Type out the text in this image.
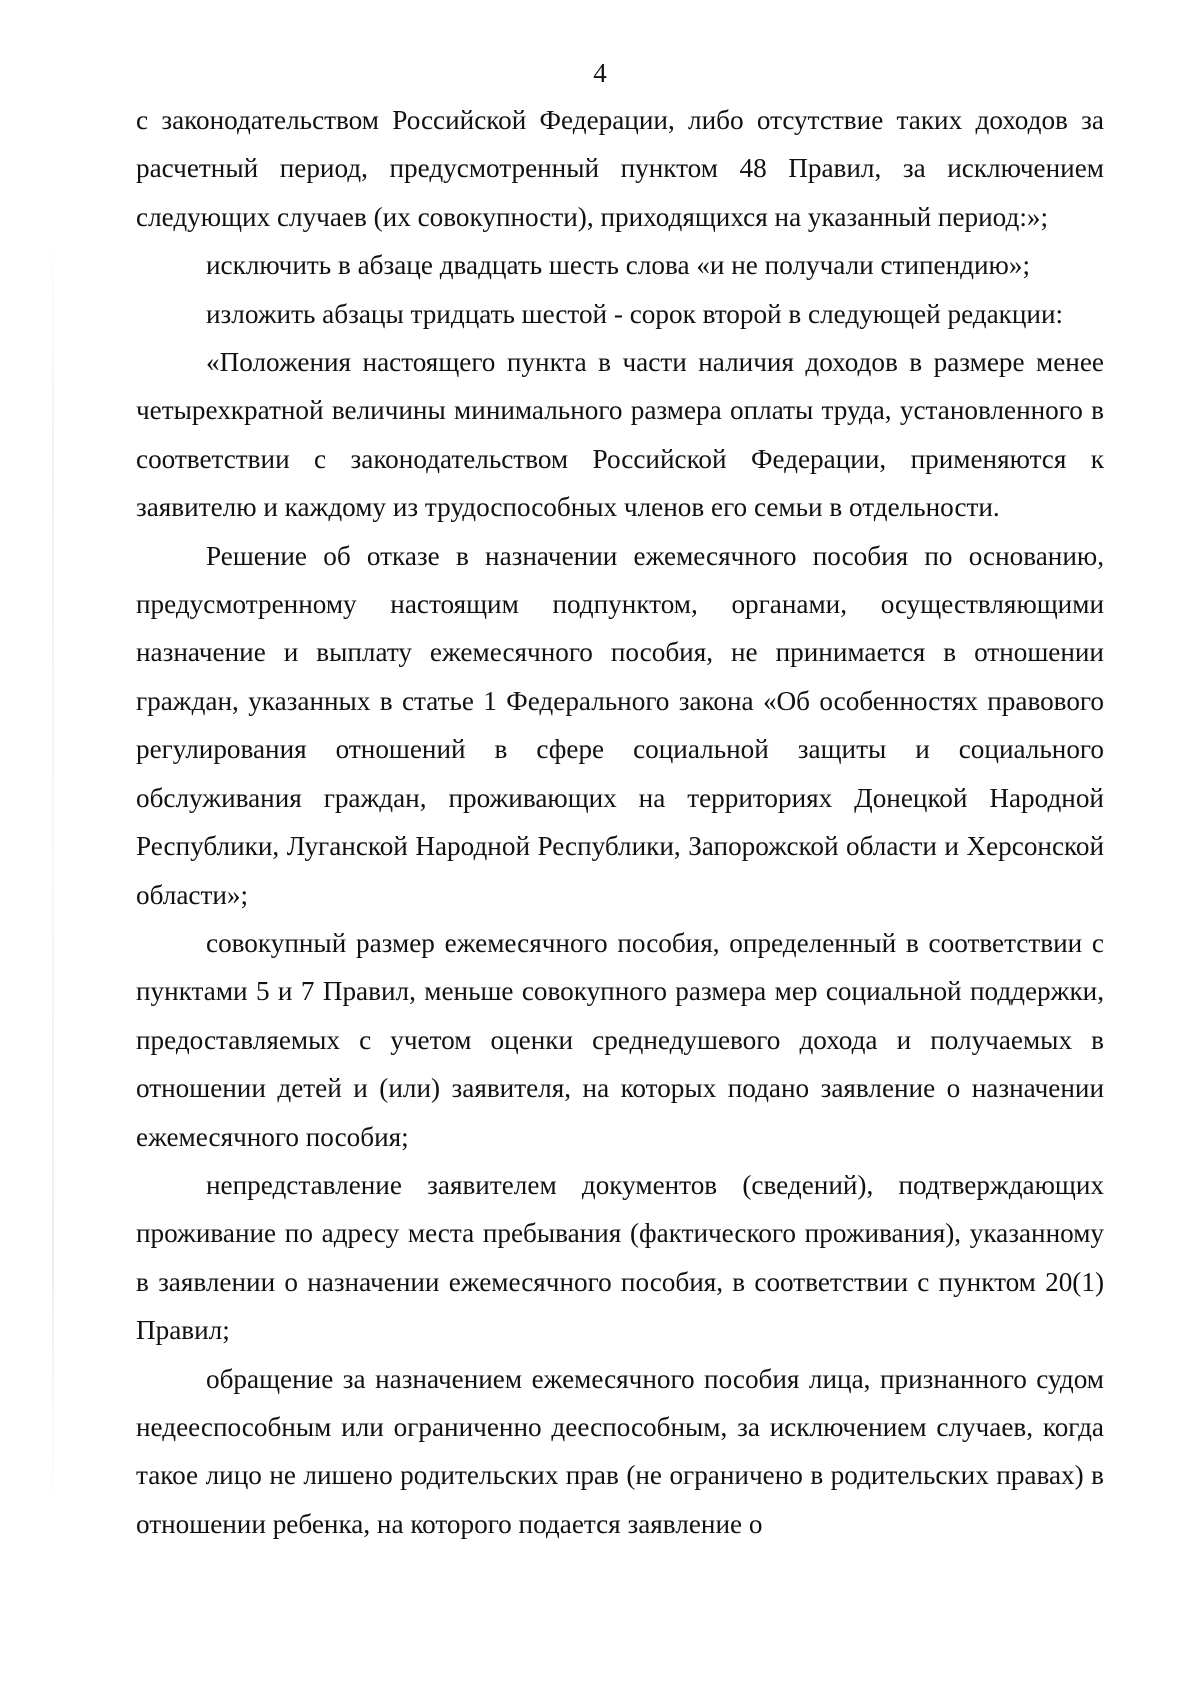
4

с законодательством Российской Федерации, либо отсутствие таких доходов за расчетный период, предусмотренный пунктом 48 Правил, за исключением следующих случаев (их совокупности), приходящихся на указанный период:»;

исключить в абзаце двадцать шесть слова «и не получали стипендию»;

изложить абзацы тридцать шестой - сорок второй в следующей редакции:

«Положения настоящего пункта в части наличия доходов в размере менее четырехкратной величины минимального размера оплаты труда, установленного в соответствии с законодательством Российской Федерации, применяются к заявителю и каждому из трудоспособных членов его семьи в отдельности.

Решение об отказе в назначении ежемесячного пособия по основанию, предусмотренному настоящим подпунктом, органами, осуществляющими назначение и выплату ежемесячного пособия, не принимается в отношении граждан, указанных в статье 1 Федерального закона «Об особенностях правового регулирования отношений в сфере социальной защиты и социального обслуживания граждан, проживающих на территориях Донецкой Народной Республики, Луганской Народной Республики, Запорожской области и Херсонской области»;

совокупный размер ежемесячного пособия, определенный в соответствии с пунктами 5 и 7 Правил, меньше совокупного размера мер социальной поддержки, предоставляемых с учетом оценки среднедушевого дохода и получаемых в отношении детей и (или) заявителя, на которых подано заявление о назначении ежемесячного пособия;

непредставление заявителем документов (сведений), подтверждающих проживание по адресу места пребывания (фактического проживания), указанному в заявлении о назначении ежемесячного пособия, в соответствии с пунктом 20(1) Правил;

обращение за назначением ежемесячного пособия лица, признанного судом недееспособным или ограниченно дееспособным, за исключением случаев, когда такое лицо не лишено родительских прав (не ограничено в родительских правах) в отношении ребенка, на которого подается заявление о
